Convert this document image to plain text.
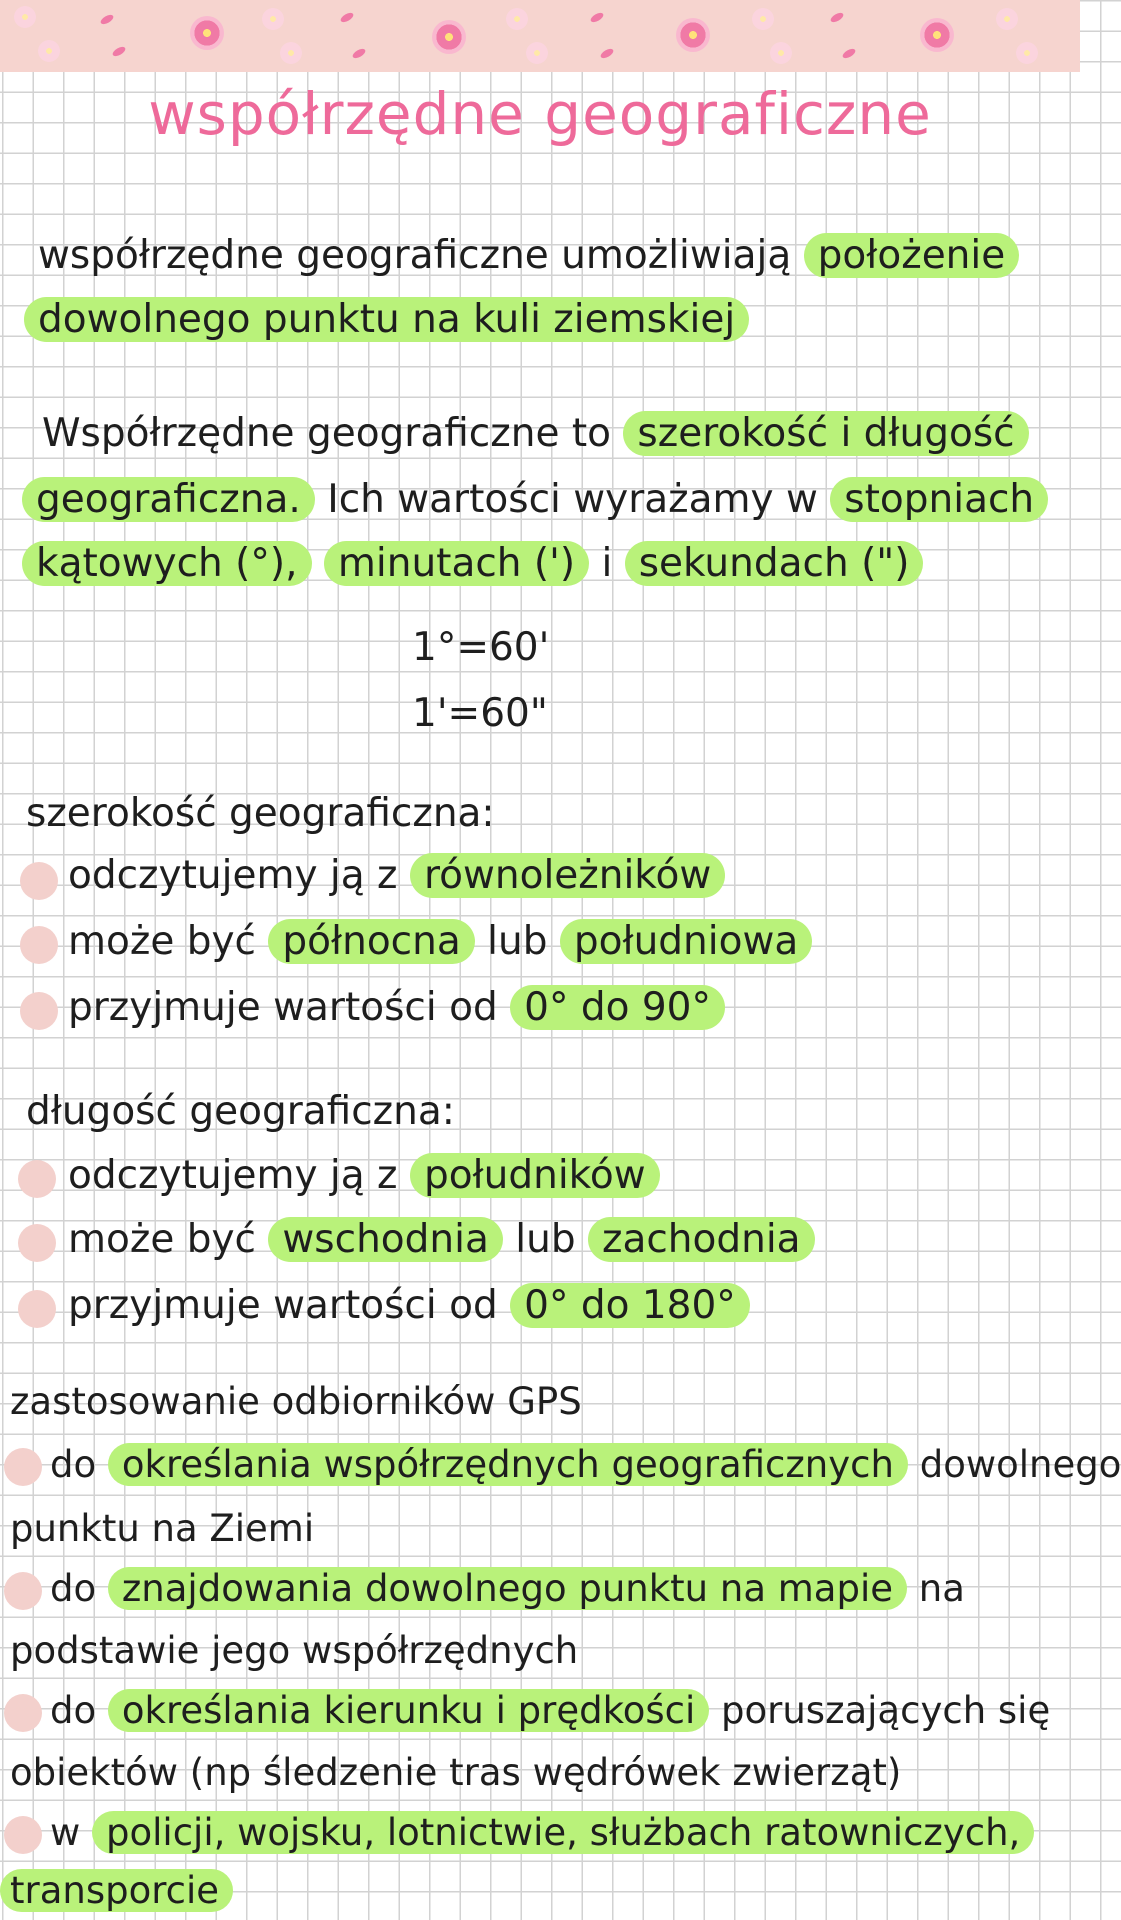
współrzędne geograficzne
współrzędne geograficzne umożliwiają położenie
dowolnego punktu na kuli ziemskiej
Współrzędne geograficzne to szerokość i długość
geograficzna. Ich wartości wyrażamy w stopniach
kątowych (°), minutach (') i sekundach (")
1°=60'
1'=60"
szerokość geograficzna:
odczytujemy ją z równoleżników
może być północna lub południowa
przyjmuje wartości od 0° do 90°
długość geograficzna:
odczytujemy ją z południków
może być wschodnia lub zachodnia
przyjmuje wartości od 0° do 180°
zastosowanie odbiorników GPS
do określania współrzędnych geograficznych dowolnego
punktu na Ziemi
do znajdowania dowolnego punktu na mapie na
podstawie jego współrzędnych
do określania kierunku i prędkości poruszających się
obiektów (np śledzenie tras wędrówek zwierząt)
w policji, wojsku, lotnictwie, służbach ratowniczych,
transporcie
